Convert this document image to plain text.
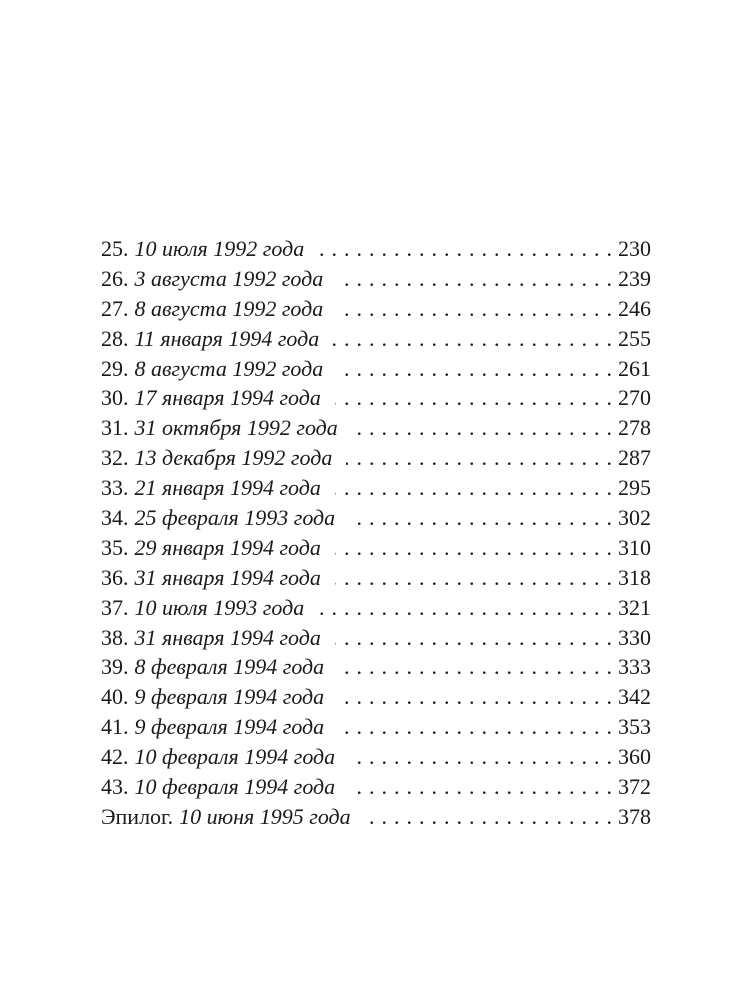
25. 10 июля 1992 года . . .	230
26. 3 августа 1992 года . . .	239
27. 8 августа 1992 года . . .	246
28. 11 января 1994 года . . .	255
29. 8 августа 1992 года . . .	261
30. 17 января 1994 года . . .	270
31. 31 октября 1992 года . . .	278
32. 13 декабря 1992 года . . .	287
33. 21 января 1994 года . . .	295
34. 25 февраля 1993 года . . .	302
35. 29 января 1994 года . . .	310
36. 31 января 1994 года . . .	318
37. 10 июля 1993 года . . .	321
38. 31 января 1994 года . . .	330
39. 8 февраля 1994 года . . .	333
40. 9 февраля 1994 года . . .	342
41. 9 февраля 1994 года . . .	353
42. 10 февраля 1994 года . . .	360
43. 10 февраля 1994 года . . .	372
Эпилог. 10 июня 1995 года . . .	378
